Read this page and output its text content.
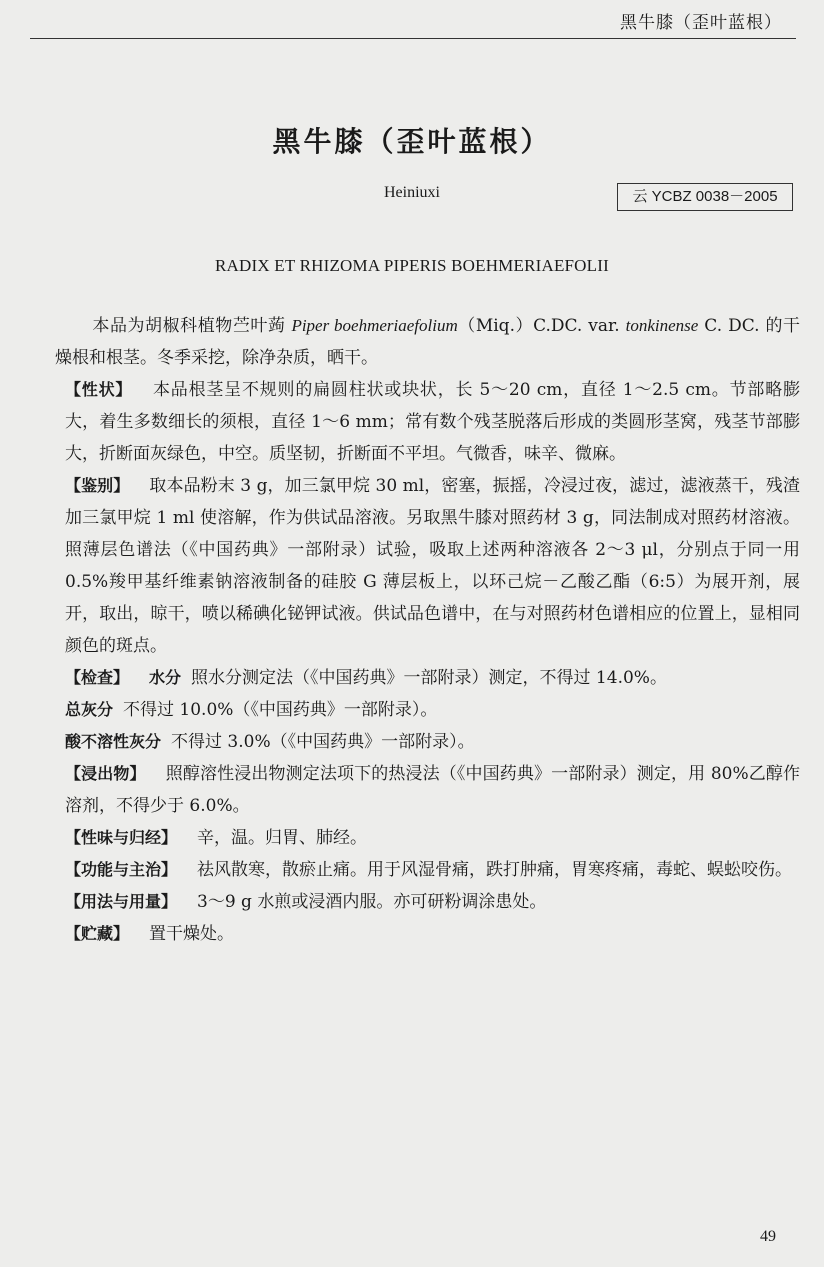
黑牛膝（歪叶蓝根）
黑牛膝（歪叶蓝根）
Heiniuxi	云 YCBZ 0038－2005
RADIX ET RHIZOMA PIPERIS BOEHMERIAEFOLII

本品为胡椒科植物苎叶蒟 Piper boehmeriaefolium（Miq.）C.DC. var. tonkinense C. DC. 的干燥根和根茎。冬季采挖，除净杂质，晒干。

【性状】 本品根茎呈不规则的扁圆柱状或块状，长 5～20 cm，直径 1～2.5 cm。节部略膨大，着生多数细长的须根，直径 1～6 mm；常有数个残茎脱落后形成的类圆形茎窝，残茎节部膨大，折断面灰绿色，中空。质坚韧，折断面不平坦。气微香，味辛、微麻。

【鉴别】 取本品粉末 3 g，加三氯甲烷 30 ml，密塞，振摇，冷浸过夜，滤过，滤液蒸干，残渣加三氯甲烷 1 ml 使溶解，作为供试品溶液。另取黑牛膝对照药材 3 g，同法制成对照药材溶液。照薄层色谱法（《中国药典》一部附录）试验，吸取上述两种溶液各 2～3 μl，分别点于同一用 0.5%羧甲基纤维素钠溶液制备的硅胶 G 薄层板上，以环己烷－乙酸乙酯（6:5）为展开剂，展开，取出，晾干，喷以稀碘化铋钾试液。供试品色谱中，在与对照药材色谱相应的位置上，显相同颜色的斑点。

【检查】 水分 照水分测定法（《中国药典》一部附录）测定，不得过 14.0%。

总灰分 不得过 10.0%（《中国药典》一部附录）。

酸不溶性灰分 不得过 3.0%（《中国药典》一部附录）。

【浸出物】 照醇溶性浸出物测定法项下的热浸法（《中国药典》一部附录）测定，用 80%乙醇作溶剂，不得少于 6.0%。

【性味与归经】 辛，温。归胃、肺经。

【功能与主治】 祛风散寒，散瘀止痛。用于风湿骨痛，跌打肿痛，胃寒疼痛，毒蛇、蜈蚣咬伤。

【用法与用量】 3～9 g 水煎或浸酒内服。亦可研粉调涂患处。

【贮藏】 置干燥处。

49
